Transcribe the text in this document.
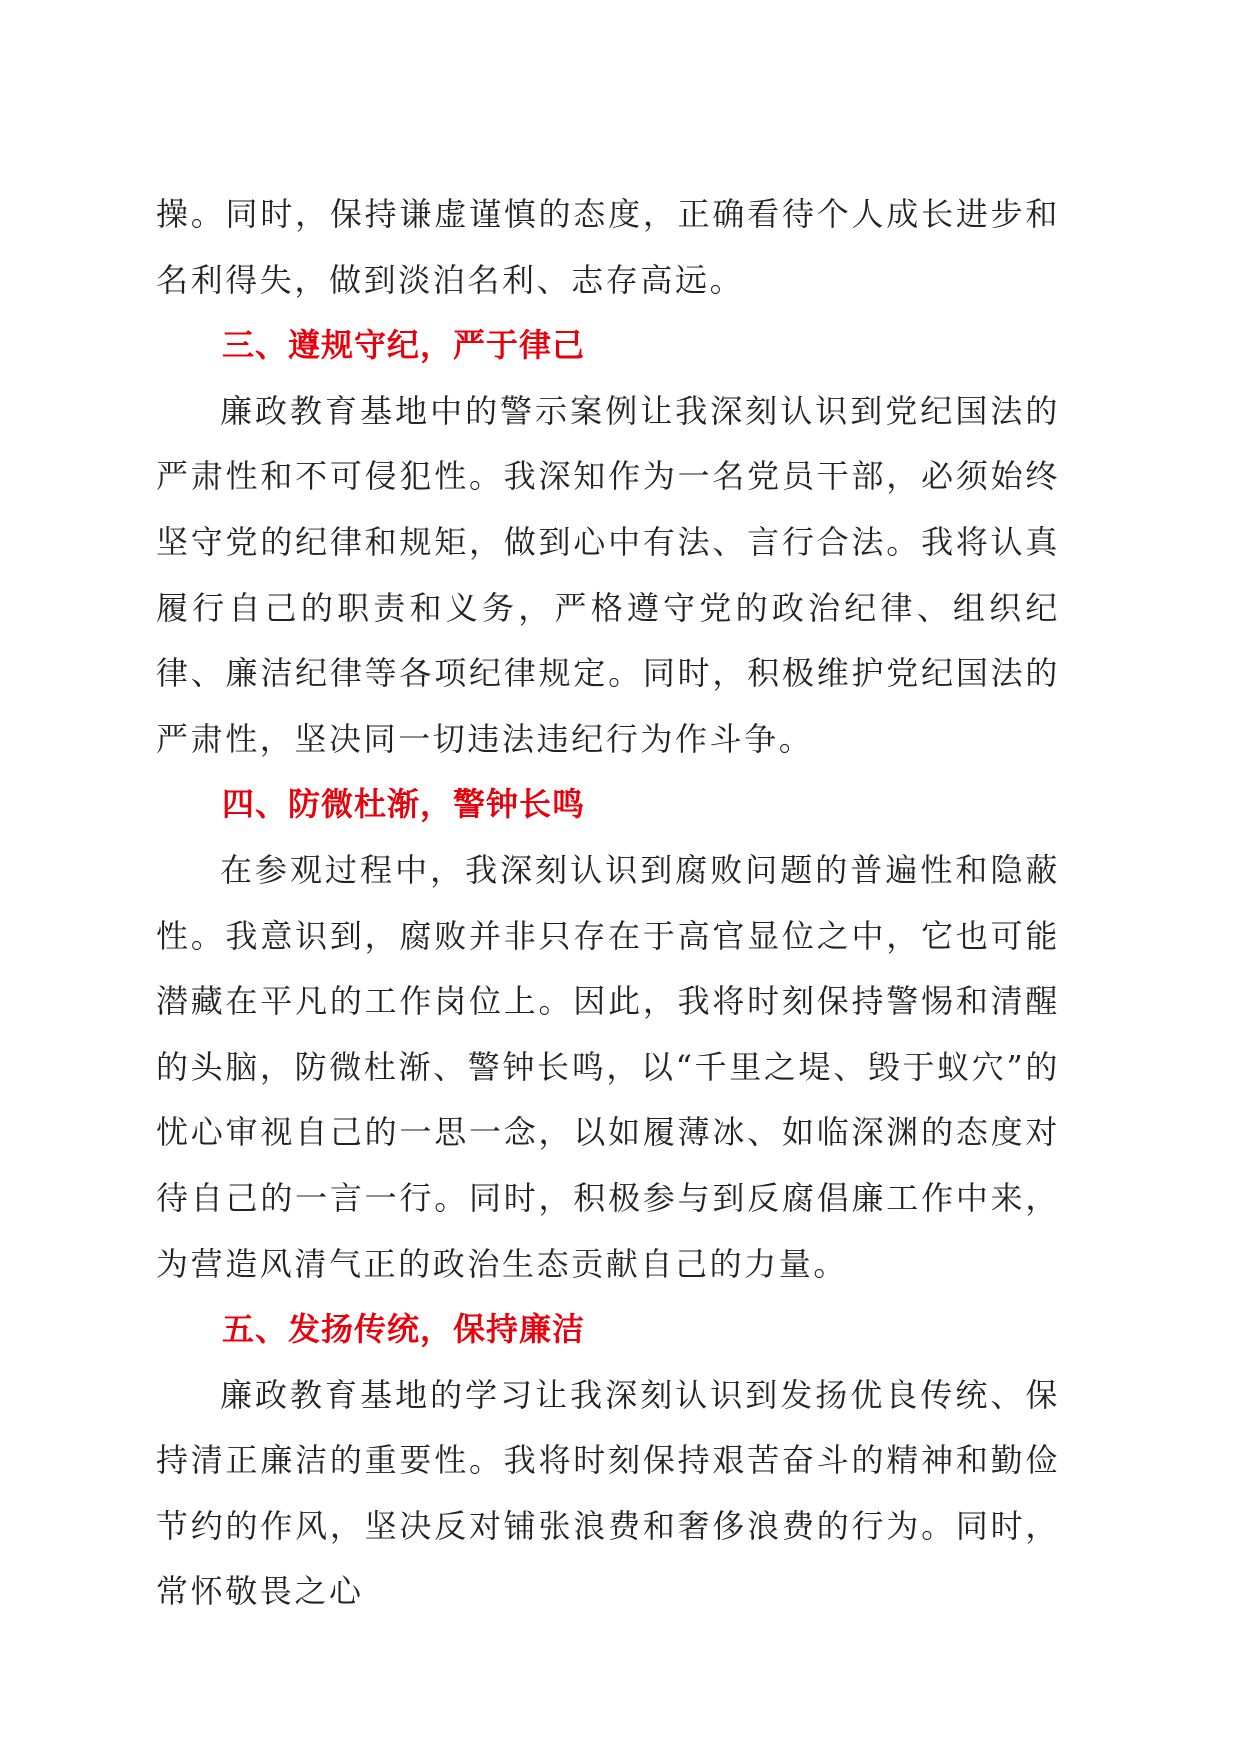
操。同时，保持谦虚谨慎的态度，正确看待个人成长进步和名利得失，做到淡泊名利、志存高远。

三、遵规守纪，严于律己

廉政教育基地中的警示案例让我深刻认识到党纪国法的严肃性和不可侵犯性。我深知作为一名党员干部，必须始终坚守党的纪律和规矩，做到心中有法、言行合法。我将认真履行自己的职责和义务，严格遵守党的政治纪律、组织纪律、廉洁纪律等各项纪律规定。同时，积极维护党纪国法的严肃性，坚决同一切违法违纪行为作斗争。

四、防微杜渐，警钟长鸣

在参观过程中，我深刻认识到腐败问题的普遍性和隐蔽性。我意识到，腐败并非只存在于高官显位之中，它也可能潜藏在平凡的工作岗位上。因此，我将时刻保持警惕和清醒的头脑，防微杜渐、警钟长鸣，以“千里之堤、毁于蚁穴”的忧心审视自己的一思一念，以如履薄冰、如临深渊的态度对待自己的一言一行。同时，积极参与到反腐倡廉工作中来，为营造风清气正的政治生态贡献自己的力量。

五、发扬传统，保持廉洁

廉政教育基地的学习让我深刻认识到发扬优良传统、保持清正廉洁的重要性。我将时刻保持艰苦奋斗的精神和勤俭节约的作风，坚决反对铺张浪费和奢侈浪费的行为。同时，常怀敬畏之心
